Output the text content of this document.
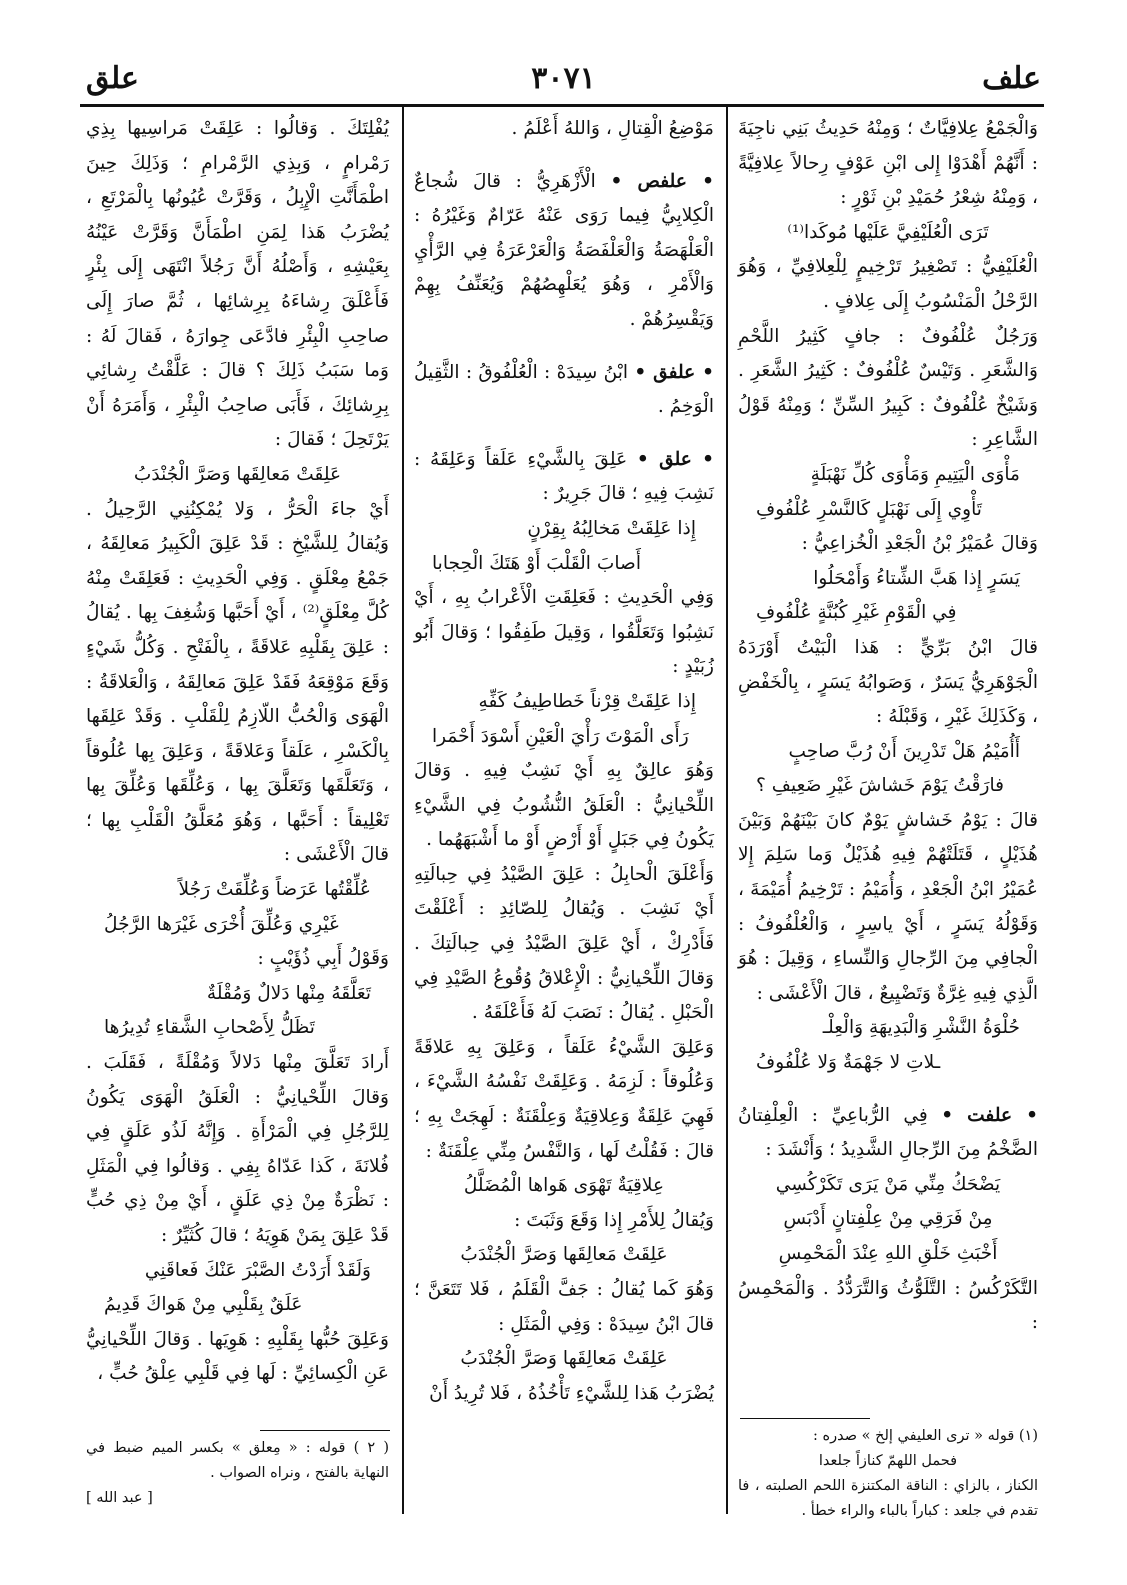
علف
٣٠٧١
علق

وَالْجَمْعُ عِلافِيَّاتٌ ؛ وَمِنْهُ حَدِيثُ بَنِي ناجِيَةَ : أَنَّهُمْ أَهْدَوْا إِلى ابْنِ عَوْفٍ رِحالاً عِلافِيَّةً ، وَمِنْهُ شِعْرُ حُمَيْدِ بْنِ ثَوْرٍ :

تَرَى الْعُلَيْفِيَّ عَلَيْها مُوكَدا⁽¹⁾

الْعُلَيْفِيُّ : تَصْغِيرُ تَرْخِيمٍ لِلْعِلافِيِّ ، وَهُوَ الرَّحْلُ الْمَنْسُوبُ إِلَى عِلافٍ .

وَرَجُلٌ عُلْفُوفٌ : جافٍ كَثِيرُ اللَّحْمِ وَالشَّعَرِ . وَتَيْسٌ عُلْفُوفٌ : كَثِيرُ الشَّعَرِ . وَشَيْخٌ عُلْفُوفٌ : كَبِيرُ السِّنِّ ؛ وَمِنْهُ قَوْلُ الشَّاعِرِ :

مَأْوَى الْيَتِيمِ وَمَأْوَى كُلِّ نَهْبَلَةٍ
تَأْوِي إِلَى نَهْبَلٍ كَالنَّسْرِ عُلْفُوفِ

وَقالَ عُمَيْرُ بْنُ الْجَعْدِ الْخُزاعِيُّ :

يَسَرٍ إِذا هَبَّ الشِّتاءُ وَأَمْحَلُوا
فِي الْقَوْمِ غَيْرِ كُبُنَّةٍ عُلْفُوفِ

قالَ ابْنُ بَرِّيٍّ : هَذا الْبَيْتُ أَوْرَدَهُ الْجَوْهَرِيُّ يَسَرٌ ، وَصَوابُهُ يَسَرٍ ، بِالْخَفْضِ ، وَكَذَلِكَ غَيْرِ ، وَقَبْلَهُ :

أَأُمَيْمُ هَلْ تَدْرِينَ أَنْ رُبَّ صاحِبٍ
فارَقْتُ يَوْمَ خَشاشَ غَيْرِ ضَعِيفِ ؟

قالَ : يَوْمُ خَشاشٍ يَوْمٌ كانَ بَيْنَهُمْ وَبَيْنَ هُذَيْلٍ ، قَتَلَتْهُمْ فِيهِ هُذَيْلٌ وَما سَلِمَ إِلا عُمَيْرُ ابْنُ الْجَعْدِ ، وَأُمَيْمُ : تَرْخِيمُ أُمَيْمَةَ ، وَقَوْلُهُ يَسَرٍ ، أَيْ ياسِرٍ ، وَالْعُلْفُوفُ : الْجافِي مِنَ الرِّجالِ وَالنِّساءِ ، وَقِيلَ : هُوَ الَّذِي فِيهِ غِرَّةٌ وَتَضْيِيعٌ ، قالَ الْأَعْشَى :

حُلْوَةُ النَّشْرِ وَالْبَدِيهَةِ وَالْعِلْـ
ـلاتِ لا جَهْمَةٌ وَلا عُلْفُوفُ

• علفت • فِي الرُّباعِيِّ : الْعِلْفِتانُ الضَّخْمُ مِنَ الرِّجالِ الشَّدِيدُ ؛ وَأَنْشَدَ :

يَضْحَكُ مِنِّي مَنْ يَرَى تَكَرْكُسِي
مِنْ فَرَقِي مِنْ عِلْفِتانٍ أَدْبَسِ
أَخْبَثِ خَلْقِ اللهِ عِنْدَ الْمَحْمِسِ

التَّكَرْكُسُ : التَّلَوُّثُ وَالتَّرَدُّدُ . وَالْمَحْمِسُ :

مَوْضِعُ الْقِتالِ ، وَاللهُ أَعْلَمُ .

• علفص • الْأَزْهَرِيُّ : قالَ شُجاعٌ الْكِلابِيُّ فِيما رَوَى عَنْهُ عَرّامٌ وَغَيْرُهُ : الْعَلْهَصَةُ وَالْعَلْفَصَةُ وَالْعَرْعَرَةُ فِي الرَّأْيِ وَالْأَمْرِ ، وَهُوَ يُعَلْهِصُهُمْ وَيُعَنِّفُ بِهِمْ وَيَقْسِرُهُمْ .

• علفق • ابْنُ سِيدَهْ : الْعُلْفُوقُ : الثَّقِيلُ الْوَخِمُ .

• علق • عَلِقَ بِالشَّيْءِ عَلَقاً وَعَلِقَهُ : نَشِبَ فِيهِ ؛ قالَ جَرِيرٌ :

إِذا عَلِقَتْ مَخالِبُهُ بِقِرْنٍ
أَصابَ الْقَلْبَ أَوْ هَتَكَ الْحِجابا

وَفِي الْحَدِيثِ : فَعَلِقَتِ الْأَعْرابُ بِهِ ، أَيْ نَشِبُوا وَتَعَلَّقُوا ، وَقِيلَ طَفِقُوا ؛ وَقالَ أَبُو زُبَيْدٍ :

إِذا عَلِقَتْ قِرْناً خَطاطِيفُ كَفِّهِ
رَأَى الْمَوْتَ رَأْيَ الْعَيْنِ أَسْوَدَ أَحْمَرا

وَهُوَ عالِقٌ بِهِ أَيْ نَشِبٌ فِيهِ . وَقالَ اللِّحْيانِيُّ : الْعَلَقُ النُّشُوبُ فِي الشَّيْءِ يَكُونُ فِي جَبَلٍ أَوْ أَرْضٍ أَوْ ما أَشْبَهَهُما .

وَأَعْلَقَ الْحابِلُ : عَلِقَ الصَّيْدُ فِي حِبالَتِهِ أَيْ نَشِبَ . وَيُقالُ لِلصّائِدِ : أَعْلَقْتَ فَأَدْرِكْ ، أَيْ عَلِقَ الصَّيْدُ فِي حِبالَتِكَ . وَقالَ اللِّحْيانِيُّ : الْإِعْلاقُ وُقُوعُ الصَّيْدِ فِي الْحَبْلِ . يُقالُ : نَصَبَ لَهُ فَأَعْلَقَهُ .

وَعَلِقَ الشَّيْءُ عَلَقاً ، وَعَلِقَ بِهِ عَلاقَةً وَعُلُوقاً : لَزِمَهُ . وَعَلِقَتْ نَفْسُهُ الشَّيْءَ ، فَهِيَ عَلِقَةٌ وَعِلاقِيَةٌ وَعِلْقَنَةٌ : لَهِجَتْ بِهِ ؛ قالَ : فَقُلْتُ لَها ، وَالنَّفْسُ مِنِّي عِلْقَنَةٌ :

عِلاقِيَةٌ تَهْوَى هَواها الْمُضَلَّلُ

وَيُقالُ لِلأَمْرِ إِذا وَقَعَ وَثَبَتَ :

عَلِقَتْ مَعالِقَها وَصَرَّ الْجُنْدَبُ

وَهُوَ كَما يُقالُ : جَفَّ الْقَلَمُ ، فَلا تَتَعَنَّ ؛ قالَ ابْنُ سِيدَهْ : وَفِي الْمَثَلِ :

عَلِقَتْ مَعالِقَها وَصَرَّ الْجُنْدَبُ

يُضْرَبُ هَذا لِلشَّيْءِ تَأْخُذُهُ ، فَلا تُرِيدُ أَنْ

يُفْلِتَكَ . وَقالُوا : عَلِقَتْ مَراسِيها بِذِي رَمْرامٍ ، وَبِذِي الرَّمْرامِ ؛ وَذَلِكَ حِينَ اطْمَأَنَّتِ الْإِبِلُ ، وَقَرَّتْ عُيُونُها بِالْمَرْتَعِ ، يُضْرَبُ هَذا لِمَنِ اطْمَأَنَّ وَقَرَّتْ عَيْنُهُ بِعَيْشِهِ ، وَأَصْلُهُ أَنَّ رَجُلاً انْتَهَى إِلَى بِئْرٍ فَأَعْلَقَ رِشاءَهُ بِرِشائِها ، ثُمَّ صارَ إِلَى صاحِبِ الْبِئْرِ فادَّعَى جِوارَهُ ، فَقالَ لَهُ : وَما سَبَبُ ذَلِكَ ؟ قالَ : عَلَّقْتُ رِشائِي بِرِشائِكَ ، فَأَبَى صاحِبُ الْبِئْرِ ، وَأَمَرَهُ أَنْ يَرْتَحِلَ ؛ فَقالَ :

عَلِقَتْ مَعالِقَها وَصَرَّ الْجُنْدَبُ

أَيْ جاءَ الْحَرُّ ، وَلا يُمْكِنُنِي الرَّحِيلُ . وَيُقالُ لِلشَّيْخِ : قَدْ عَلِقَ الْكَبِيرُ مَعالِقَهُ ، جَمْعُ مِعْلَقٍ . وَفِي الْحَدِيثِ : فَعَلِقَتْ مِنْهُ كُلَّ مِعْلَقٍ⁽²⁾ ، أَيْ أَحَبَّها وَشُغِفَ بِها . يُقالُ : عَلِقَ بِقَلْبِهِ عَلاقَةً ، بِالْفَتْحِ . وَكُلُّ شَيْءٍ وَقَعَ مَوْقِعَهُ فَقَدْ عَلِقَ مَعالِقَهُ ، وَالْعَلاقَةُ : الْهَوَى وَالْحُبُّ اللّازِمُ لِلْقَلْبِ . وَقَدْ عَلِقَها بِالْكَسْرِ ، عَلَقاً وَعَلاقَةً ، وَعَلِقَ بِها عُلُوقاً ، وَتَعَلَّقَها وَتَعَلَّقَ بِها ، وَعُلِّقَها وَعُلِّقَ بِها تَعْلِيقاً : أَحَبَّها ، وَهُوَ مُعَلَّقُ الْقَلْبِ بِها ؛ قالَ الْأَعْشَى :

عُلِّقْتُها عَرَضاً وَعُلِّقَتْ رَجُلاً
غَيْرِي وَعُلِّقَ أُخْرَى غَيْرَها الرَّجُلُ

وَقَوْلُ أَبِي ذُؤَيْبٍ :

تَعَلَّقَهُ مِنْها دَلالٌ وَمُقْلَةٌ
تَظَلُّ لِأَصْحابِ الشَّقاءِ تُدِيرُها

أَرادَ تَعَلَّقَ مِنْها دَلالاً وَمُقْلَةً ، فَقَلَبَ . وَقالَ اللِّحْيانِيُّ : الْعَلَقُ الْهَوَى يَكُونُ لِلرَّجُلِ فِي الْمَرْأَةِ . وَإِنَّهُ لَذُو عَلَقٍ فِي فُلانَةَ ، كَذا عَدّاهُ بِفِي . وَقالُوا فِي الْمَثَلِ : نَظْرَةٌ مِنْ ذِي عَلَقٍ ، أَيْ مِنْ ذِي حُبٍّ قَدْ عَلِقَ بِمَنْ هَوِيَهُ ؛ قالَ كُثَيِّرٌ :

وَلَقَدْ أَرَدْتُ الصَّبْرَ عَنْكَ فَعاقَنِي
عَلَقٌ بِقَلْبِي مِنْ هَواكَ قَدِيمُ

وَعَلِقَ حُبُّها بِقَلْبِهِ : هَوِيَها . وَقالَ اللِّحْيانِيُّ عَنِ الْكِسائِيِّ : لَها فِي قَلْبِي عِلْقُ حُبٍّ ،

(١) قوله « ترى العليفي إلخ » صدره :
فحمل اللهمّ كنازاً جلعدا
الكناز ، بالزاي : الناقة المكتنزة اللحم الصلبته ، فا تقدم في جلعد : كباراً بالباء والراء خطأ .
( ٢ ) قوله : « مِعلق » بكسر الميم ضبط في النهاية بالفتح ، ونراه الصواب .
[ عبد الله ]
